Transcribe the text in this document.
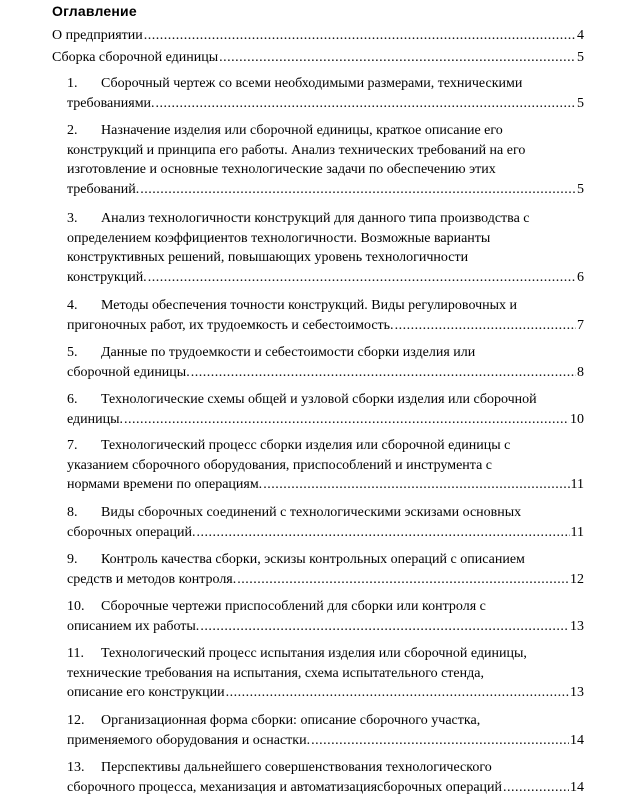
Оглавление
О предприятии .....	4
Сборка сборочной единицы .....	5
1.	Сборочный чертеж со всеми необходимыми размерами, техническими
требованиями. .....	5
2.	Назначение изделия или сборочной единицы, краткое описание его
конструкций и принципа его работы. Анализ технических требований на его
изготовление и основные технологические задачи по обеспечению этих
требований. .....	5
3.	Анализ технологичности конструкций для данного типа производства с
определением коэффициентов технологичности. Возможные варианты
конструктивных решений, повышающих уровень технологичности
конструкций. .....	6
4.	Методы обеспечения точности конструкций. Виды регулировочных и
пригоночных работ, их трудоемкость и себестоимость. .....	7
5.	Данные по трудоемкости и себестоимости сборки изделия или
сборочной единицы. .....	8
6.	Технологические схемы общей и узловой сборки изделия или сборочной
единицы. .....	10
7.	Технологический процесс сборки изделия или сборочной единицы с
указанием сборочного оборудования, приспособлений и инструмента с
нормами времени по операциям. .....	11
8.	Виды сборочных соединений с технологическими эскизами основных
сборочных операций. .....	11
9.	Контроль качества сборки, эскизы контрольных операций с описанием
средств и методов контроля. .....	12
10.	Сборочные чертежи приспособлений для сборки или контроля с
описанием их работы. .....	13
11.	Технологический процесс испытания изделия или сборочной единицы,
технические требования на испытания, схема испытательного стенда,
описание его конструкции .....	13
12.	Организационная форма сборки: описание сборочного участка,
применяемого оборудования и оснастки. .....	14
13.	Перспективы дальнейшего совершенствования технологического
сборочного процесса, механизация и автоматизациясборочных операций .....	14
